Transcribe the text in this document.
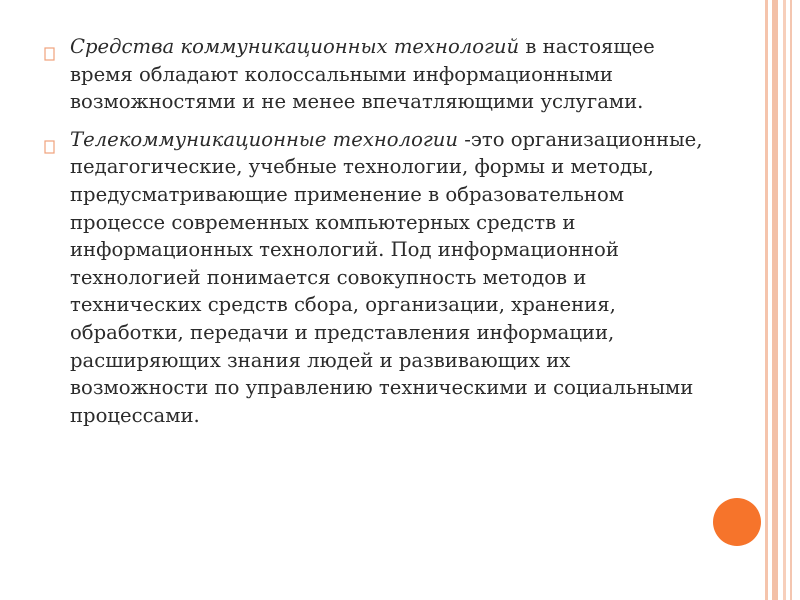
Средства коммуникационных технологий в настоящее время обладают колоссальными информационными возможностями и не менее впечатляющими услугами.
Телекоммуникационные технологии -это организационные, педагогические, учебные технологии, формы и методы, предусматривающие применение в образовательном процессе современных компьютерных средств и информационных технологий. Под информационной технологией понимается совокупность методов и технических средств сбора, организации, хранения, обработки, передачи и представления информации, расширяющих знания людей и развивающих их возможности по управлению техническими и социальными процессами.
